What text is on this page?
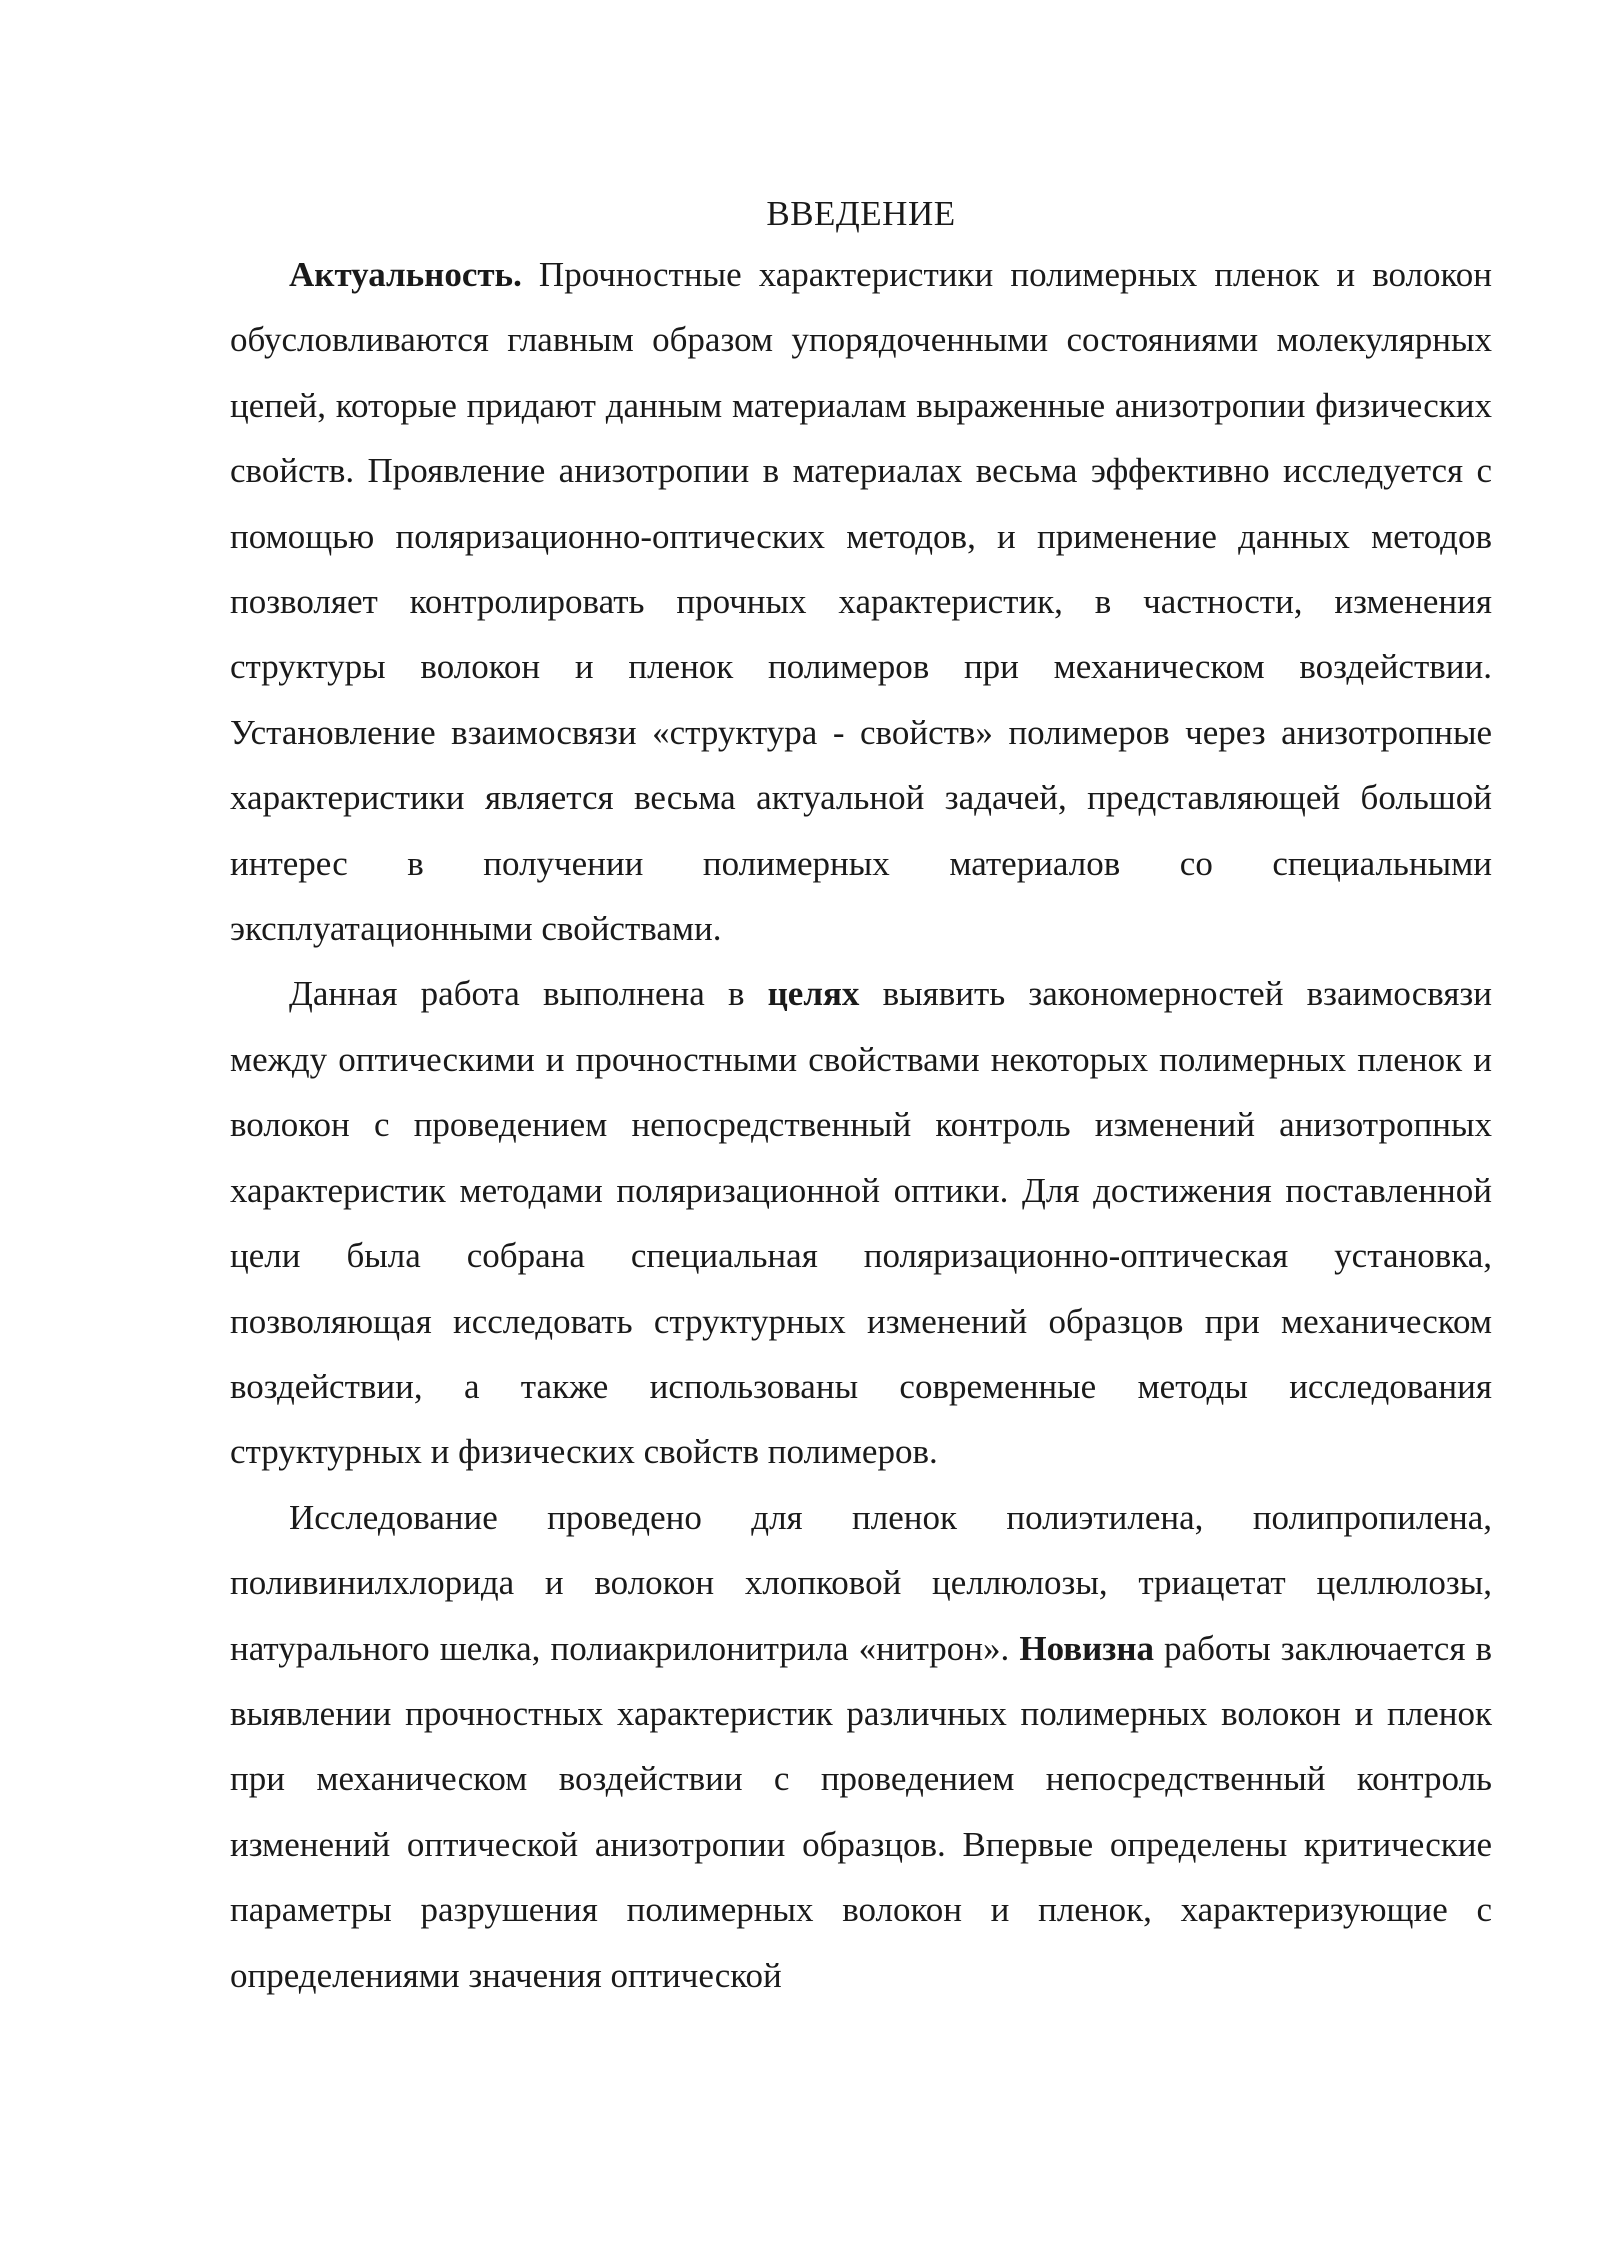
ВВЕДЕНИЕ

Актуальность. Прочностные характеристики полимерных пленок и волокон обусловливаются главным образом упорядоченными состояниями молекулярных цепей, которые придают данным материалам выраженные анизотропии физических свойств. Проявление анизотропии в материалах весьма эффективно исследуется с помощью поляризационно-оптических методов, и применение данных методов позволяет контролировать прочных характеристик, в частности, изменения структуры волокон и пленок полимеров при механическом воздействии. Установление взаимосвязи «структура - свойств» полимеров через анизотропные характеристики является весьма актуальной задачей, представляющей большой интерес в получении полимерных материалов со специальными эксплуатационными свойствами.

Данная работа выполнена в целях выявить закономерностей взаимосвязи между оптическими и прочностными свойствами некоторых полимерных пленок и волокон с проведением непосредственный контроль изменений анизотропных характеристик методами поляризационной оптики. Для достижения поставленной цели была собрана специальная поляризационно-оптическая установка, позволяющая исследовать структурных изменений образцов при механическом воздействии, а также использованы современные методы исследования структурных и физических свойств полимеров.

Исследование проведено для пленок полиэтилена, полипропилена, поливинилхлорида и волокон хлопковой целлюлозы, триацетат целлюлозы, натурального шелка, полиакрилонитрила «нитрон». Новизна работы заключается в выявлении прочностных характеристик различных полимерных волокон и пленок при механическом воздействии с проведением непосредственный контроль изменений оптической анизотропии образцов. Впервые определены критические параметры разрушения полимерных волокон и пленок, характеризующие с определениями значения оптической
